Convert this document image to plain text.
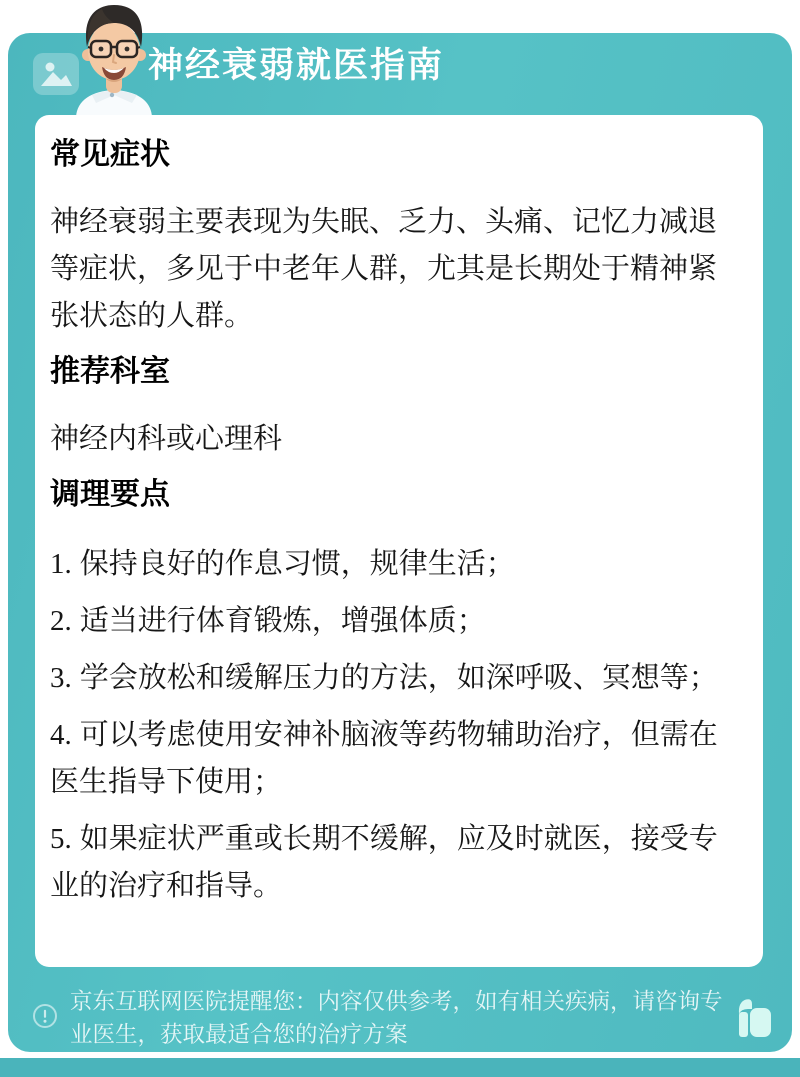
神经衰弱就医指南
常见症状

神经衰弱主要表现为失眠、乏力、头痛、记忆力减退等症状，多见于中老年人群，尤其是长期处于精神紧张状态的人群。

推荐科室

神经内科或心理科

调理要点

1. 保持良好的作息习惯，规律生活；

2. 适当进行体育锻炼，增强体质；

3. 学会放松和缓解压力的方法，如深呼吸、冥想等；

4. 可以考虑使用安神补脑液等药物辅助治疗，但需在医生指导下使用；

5. 如果症状严重或长期不缓解，应及时就医，接受专业的治疗和指导。

京东互联网医院提醒您：内容仅供参考，如有相关疾病，请咨询专业医生，获取最适合您的治疗方案
